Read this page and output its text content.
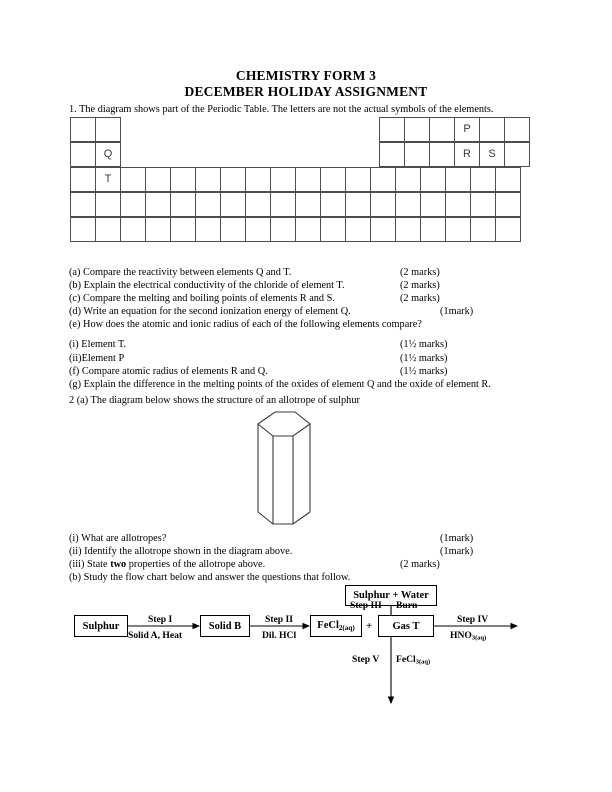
CHEMISTRY FORM 3
DECEMBER HOLIDAY ASSIGNMENT
1. The diagram shows part of the Periodic Table. The letters are not the actual symbols of the elements.
P
Q	R	S
T
(a) Compare the reactivity between elements Q and T.	(2 marks)
(b) Explain the electrical conductivity of the chloride of element T.	(2 marks)
(c) Compare the melting and boiling points of elements R and S.	(2 marks)
(d) Write an equation for the second ionization energy of element Q.	(1mark)
(e) How does the atomic and ionic radius of each of the following elements compare?
(i) Element T.	(1½ marks)
(ii)Element P	(1½ marks)
(f) Compare atomic radius of elements R and Q.	(1½ marks)
(g) Explain the difference in the melting points of the oxides of element Q and the oxide of element R.
2 (a) The diagram below shows the structure of an allotrope of sulphur
(i) What are allotropes?	(1mark)
(ii) Identify the allotrope shown in the diagram above.	(1mark)
(iii) State two properties of the allotrope above.	(2 marks)
(b) Study the flow chart below and answer the questions that follow.
Sulphur + Water
Sulphur	Solid B	FeCl$_{2(aq)}$ +	Gas T
Step I
Solid A, Heat
Step II
Dil. HCl
Step III Burn
Step IV
$HNO_{3(aq)}$
Step V FeCl$_{3(aq)}$
